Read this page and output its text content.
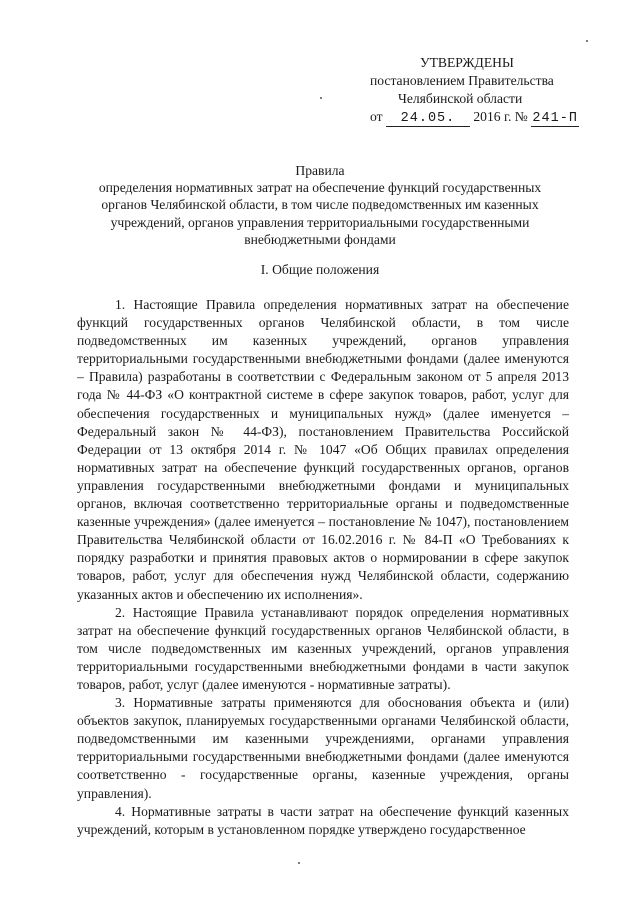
УТВЕРЖДЕНЫ
постановлением Правительства
Челябинской области
от 24.05. 2016 г. № 241-П
Правила
определения нормативных затрат на обеспечение функций государственных
органов Челябинской области, в том числе подведомственных им казенных
учреждений, органов управления территориальными государственными
внебюджетными фондами
I. Общие положения

1. Настоящие Правила определения нормативных затрат на обеспечение функций государственных органов Челябинской области, в том числе подведомственных им казенных учреждений, органов управления территориальными государственными внебюджетными фондами (далее именуются – Правила) разработаны в соответствии с Федеральным законом от 5 апреля 2013 года № 44-ФЗ «О контрактной системе в сфере закупок товаров, работ, услуг для обеспечения государственных и муниципальных нужд» (далее именуется – Федеральный закон № 44-ФЗ), постановлением Правительства Российской Федерации от 13 октября 2014 г. № 1047 «Об Общих правилах определения нормативных затрат на обеспечение функций государственных органов, органов управления государственными внебюджетными фондами и муниципальных органов, включая соответственно территориальные органы и подведомственные казенные учреждения» (далее именуется – постановление № 1047), постановлением Правительства Челябинской области от 16.02.2016 г. № 84-П «О Требованиях к порядку разработки и принятия правовых актов о нормировании в сфере закупок товаров, работ, услуг для обеспечения нужд Челябинской области, содержанию указанных актов и обеспечению их исполнения».

2. Настоящие Правила устанавливают порядок определения нормативных затрат на обеспечение функций государственных органов Челябинской области, в том числе подведомственных им казенных учреждений, органов управления территориальными государственными внебюджетными фондами в части закупок товаров, работ, услуг (далее именуются - нормативные затраты).

3. Нормативные затраты применяются для обоснования объекта и (или) объектов закупок, планируемых государственными органами Челябинской области, подведомственными им казенными учреждениями, органами управления территориальными государственными внебюджетными фондами (далее именуются соответственно - государственные органы, казенные учреждения, органы управления).

4. Нормативные затраты в части затрат на обеспечение функций казенных учреждений, которым в установленном порядке утверждено государственное
